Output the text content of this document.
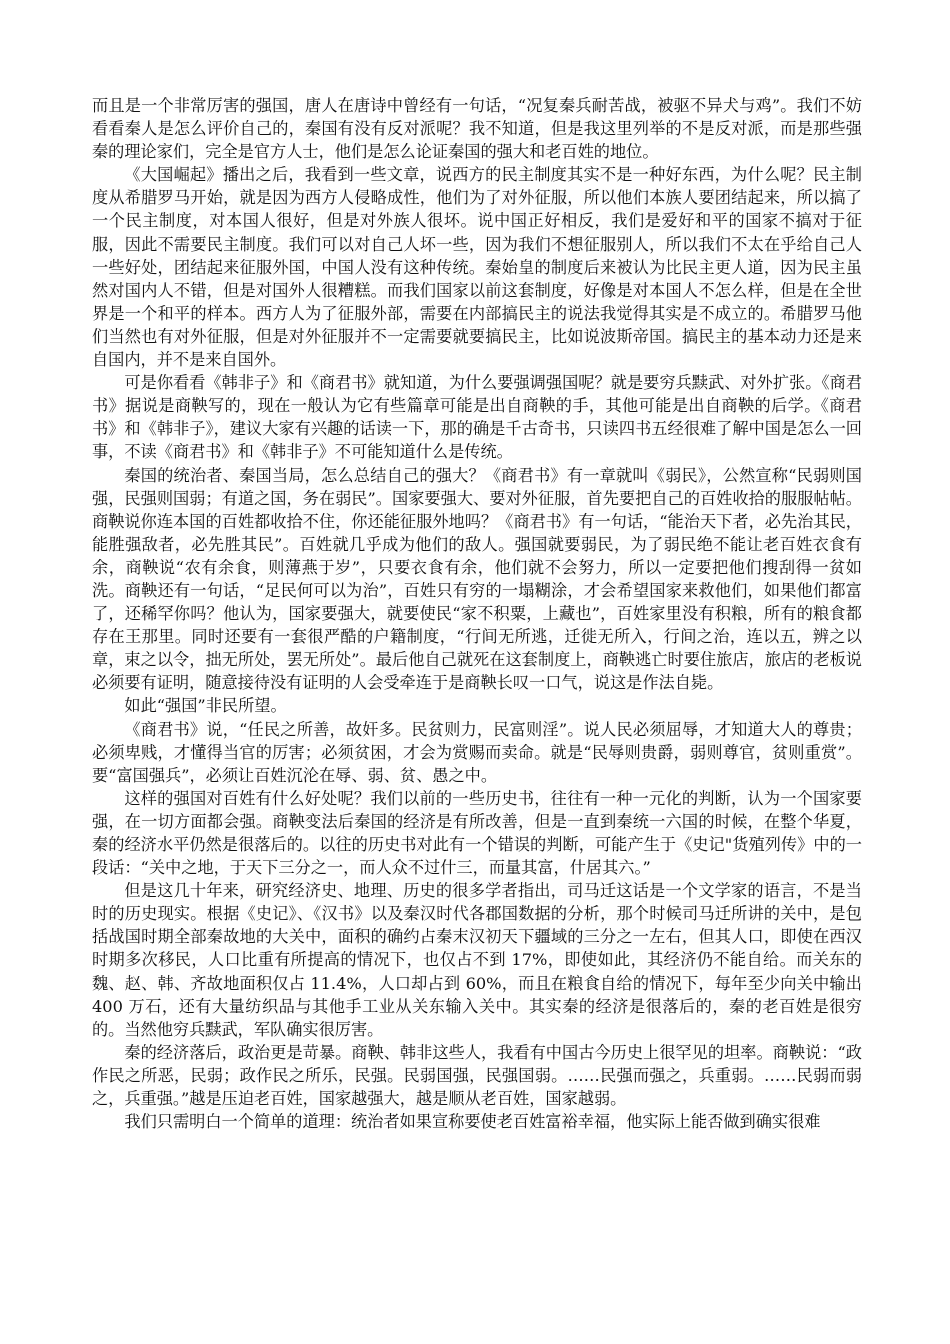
而且是一个非常厉害的强国，唐人在唐诗中曾经有一句话，“况复秦兵耐苦战，被驱不异犬与鸡”。我们不妨看看秦人是怎么评价自己的，秦国有没有反对派呢？我不知道，但是我这里列举的不是反对派，而是那些强秦的理论家们，完全是官方人士，他们是怎么论证秦国的强大和老百姓的地位。

《大国崛起》播出之后，我看到一些文章，说西方的民主制度其实不是一种好东西，为什么呢？民主制度从希腊罗马开始，就是因为西方人侵略成性，他们为了对外征服，所以他们本族人要团结起来，所以搞了一个民主制度，对本国人很好，但是对外族人很坏。说中国正好相反，我们是爱好和平的国家不搞对于征服，因此不需要民主制度。我们可以对自己人坏一些，因为我们不想征服别人，所以我们不太在乎给自己人一些好处，团结起来征服外国，中国人没有这种传统。秦始皇的制度后来被认为比民主更人道，因为民主虽然对国内人不错，但是对国外人很糟糕。而我们国家以前这套制度，好像是对本国人不怎么样，但是在全世界是一个和平的样本。西方人为了征服外部，需要在内部搞民主的说法我觉得其实是不成立的。希腊罗马他们当然也有对外征服，但是对外征服并不一定需要就要搞民主，比如说波斯帝国。搞民主的基本动力还是来自国内，并不是来自国外。

可是你看看《韩非子》和《商君书》就知道，为什么要强调强国呢？就是要穷兵黩武、对外扩张。《商君书》据说是商鞅写的，现在一般认为它有些篇章可能是出自商鞅的手，其他可能是出自商鞅的后学。《商君书》和《韩非子》，建议大家有兴趣的话读一下，那的确是千古奇书，只读四书五经很难了解中国是怎么一回事，不读《商君书》和《韩非子》不可能知道什么是传统。

秦国的统治者、秦国当局，怎么总结自己的强大？《商君书》有一章就叫《弱民》，公然宣称“民弱则国强，民强则国弱；有道之国，务在弱民”。国家要强大、要对外征服，首先要把自己的百姓收拾的服服帖帖。商鞅说你连本国的百姓都收拾不住，你还能征服外地吗？《商君书》有一句话，“能治天下者，必先治其民，能胜强敌者，必先胜其民”。百姓就几乎成为他们的敌人。强国就要弱民，为了弱民绝不能让老百姓衣食有余，商鞅说“农有余食，则薄燕于岁”，只要衣食有余，他们就不会努力，所以一定要把他们搜刮得一贫如洗。商鞅还有一句话，“足民何可以为治”，百姓只有穷的一塌糊涂，才会希望国家来救他们，如果他们都富了，还稀罕你吗？他认为，国家要强大，就要使民“家不积粟，上藏也”，百姓家里没有积粮，所有的粮食都存在王那里。同时还要有一套很严酷的户籍制度，“行间无所逃，迁徙无所入，行间之治，连以五，辨之以章，束之以令，拙无所处，罢无所处”。最后他自己就死在这套制度上，商鞅逃亡时要住旅店，旅店的老板说必须要有证明，随意接待没有证明的人会受牵连于是商鞅长叹一口气，说这是作法自毙。

如此“强国”非民所望。

《商君书》说，“任民之所善，故奸多。民贫则力，民富则淫”。说人民必须屈辱，才知道大人的尊贵；必须卑贱，才懂得当官的厉害；必须贫困，才会为赏赐而卖命。就是“民辱则贵爵，弱则尊官，贫则重赏”。要“富国强兵”，必须让百姓沉沦在辱、弱、贫、愚之中。

这样的强国对百姓有什么好处呢？我们以前的一些历史书，往往有一种一元化的判断，认为一个国家要强，在一切方面都会强。商鞅变法后秦国的经济是有所改善，但是一直到秦统一六国的时候，在整个华夏，秦的经济水平仍然是很落后的。以往的历史书对此有一个错误的判断，可能产生于《史记"货殖列传》中的一段话：“关中之地，于天下三分之一，而人众不过什三，而量其富，什居其六。”

但是这几十年来，研究经济史、地理、历史的很多学者指出，司马迁这话是一个文学家的语言，不是当时的历史现实。根据《史记》、《汉书》以及秦汉时代各郡国数据的分析，那个时候司马迁所讲的关中，是包括战国时期全部秦故地的大关中，面积的确约占秦末汉初天下疆域的三分之一左右，但其人口，即使在西汉时期多次移民，人口比重有所提高的情况下，也仅占不到 17%，即使如此，其经济仍不能自给。而关东的魏、赵、韩、齐故地面积仅占 11.4%，人口却占到 60%，而且在粮食自给的情况下，每年至少向关中输出 400 万石，还有大量纺织品与其他手工业从关东输入关中。其实秦的经济是很落后的，秦的老百姓是很穷的。当然他穷兵黩武，军队确实很厉害。

秦的经济落后，政治更是苛暴。商鞅、韩非这些人，我看有中国古今历史上很罕见的坦率。商鞅说：“政作民之所恶，民弱；政作民之所乐，民强。民弱国强，民强国弱。……民强而强之，兵重弱。……民弱而弱之，兵重强。”越是压迫老百姓，国家越强大，越是顺从老百姓，国家越弱。

我们只需明白一个简单的道理：统治者如果宣称要使老百姓富裕幸福，他实际上能否做到确实很难
